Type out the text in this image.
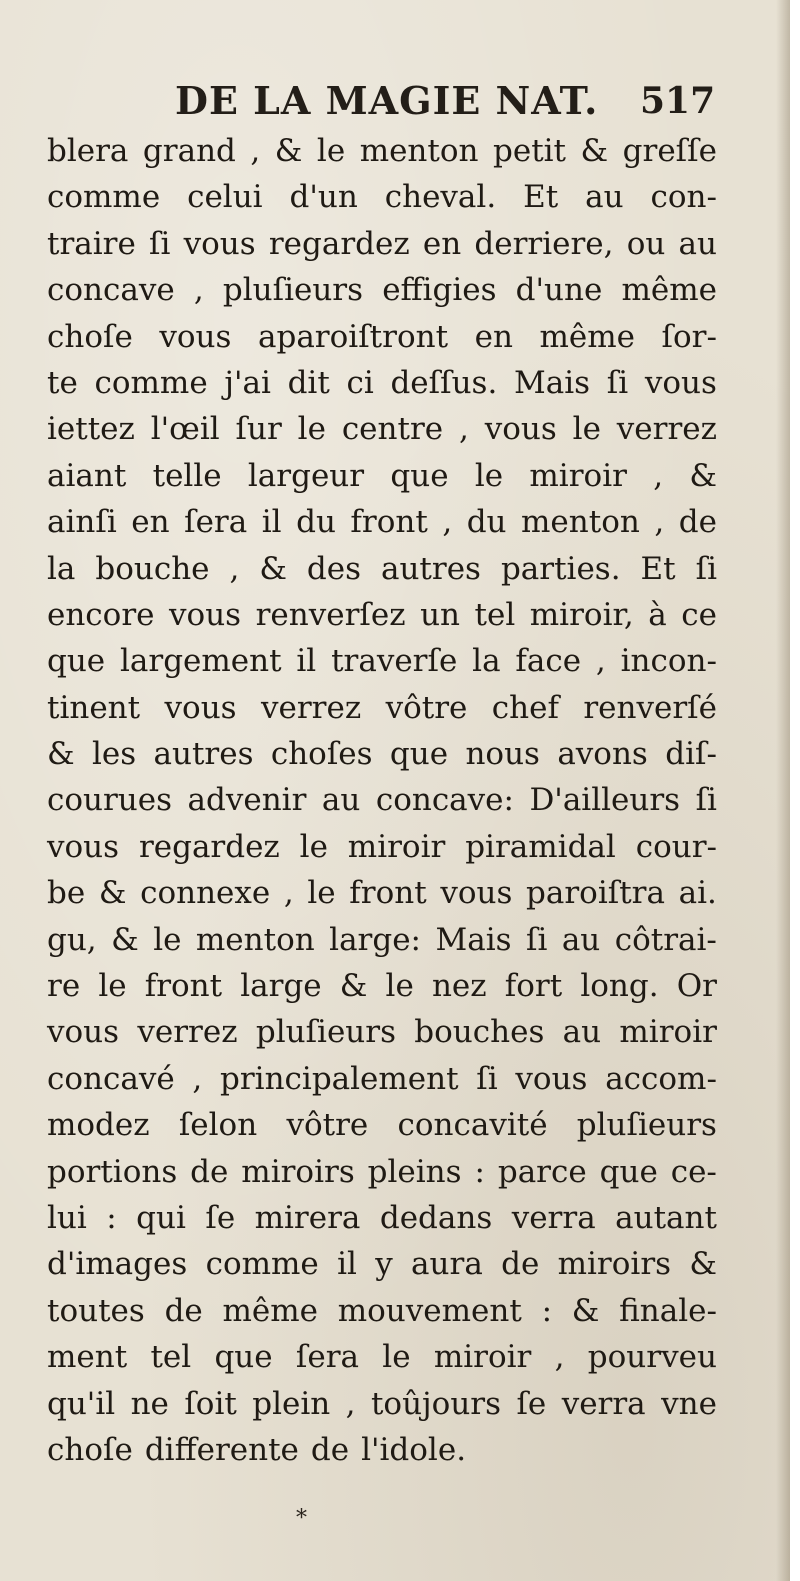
DE LA MAGIE NAT. 517
blera grand , & le menton petit & greſſe
comme celui d'un cheval. Et au con-
traire ſi vous regardez en derriere, ou au
concave , pluſieurs effigies d'une même
choſe vous aparoiſtront en même ſor-
te comme j'ai dit ci deſſus. Mais ſi vous
iettez l'œil ſur le centre , vous le verrez
aiant telle largeur que le miroir , &
ainſi en ſera il du front , du menton , de
la bouche , & des autres parties. Et ſi
encore vous renverſez un tel miroir, à ce
que largement il traverſe la face , incon-
tinent vous verrez vôtre chef renverſé
& les autres choſes que nous avons diſ-
courues advenir au concave: D'ailleurs ſi
vous regardez le miroir piramidal cour-
be & connexe , le front vous paroiſtra ai.
gu, & le menton large: Mais ſi au côtrai-
re le front large & le nez fort long. Or
vous verrez pluſieurs bouches au miroir
concavé , principalement ſi vous accom-
modez ſelon vôtre concavité pluſieurs
portions de miroirs pleins : parce que ce-
lui : qui ſe mirera dedans verra autant
d'images comme il y aura de miroirs &
toutes de même mouvement : & finale-
ment tel que ſera le miroir , pourveu
qu'il ne ſoit plein , toûjours ſe verra vne
choſe differente de l'idole.
*
